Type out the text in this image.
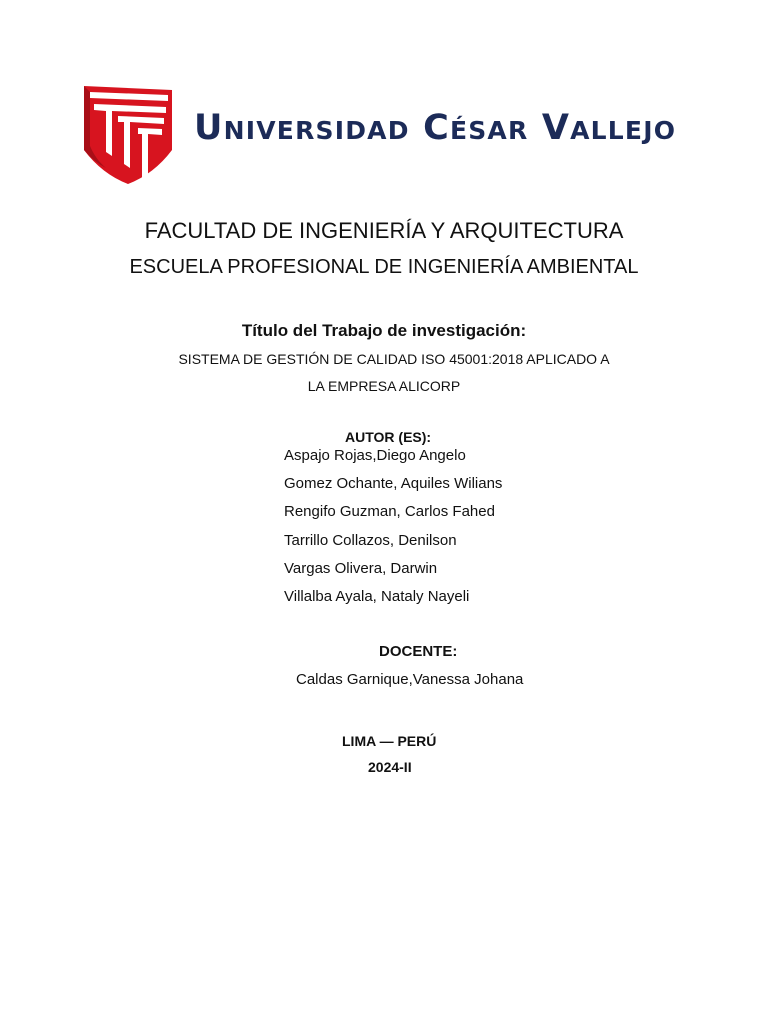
Universidad César Vallejo
FACULTAD DE INGENIERÍA Y ARQUITECTURA
ESCUELA PROFESIONAL DE INGENIERÍA AMBIENTAL
Título del Trabajo de investigación:
SISTEMA DE GESTIÓN DE CALIDAD ISO 45001:2018 APLICADO A
LA EMPRESA ALICORP
AUTOR (ES):
Aspajo Rojas,Diego Angelo
Gomez Ochante, Aquiles Wilians
Rengifo Guzman, Carlos Fahed
Tarrillo Collazos, Denilson
Vargas Olivera, Darwin
Villalba Ayala, Nataly Nayeli
DOCENTE:
Caldas Garnique,Vanessa Johana
LIMA — PERÚ
2024-II
